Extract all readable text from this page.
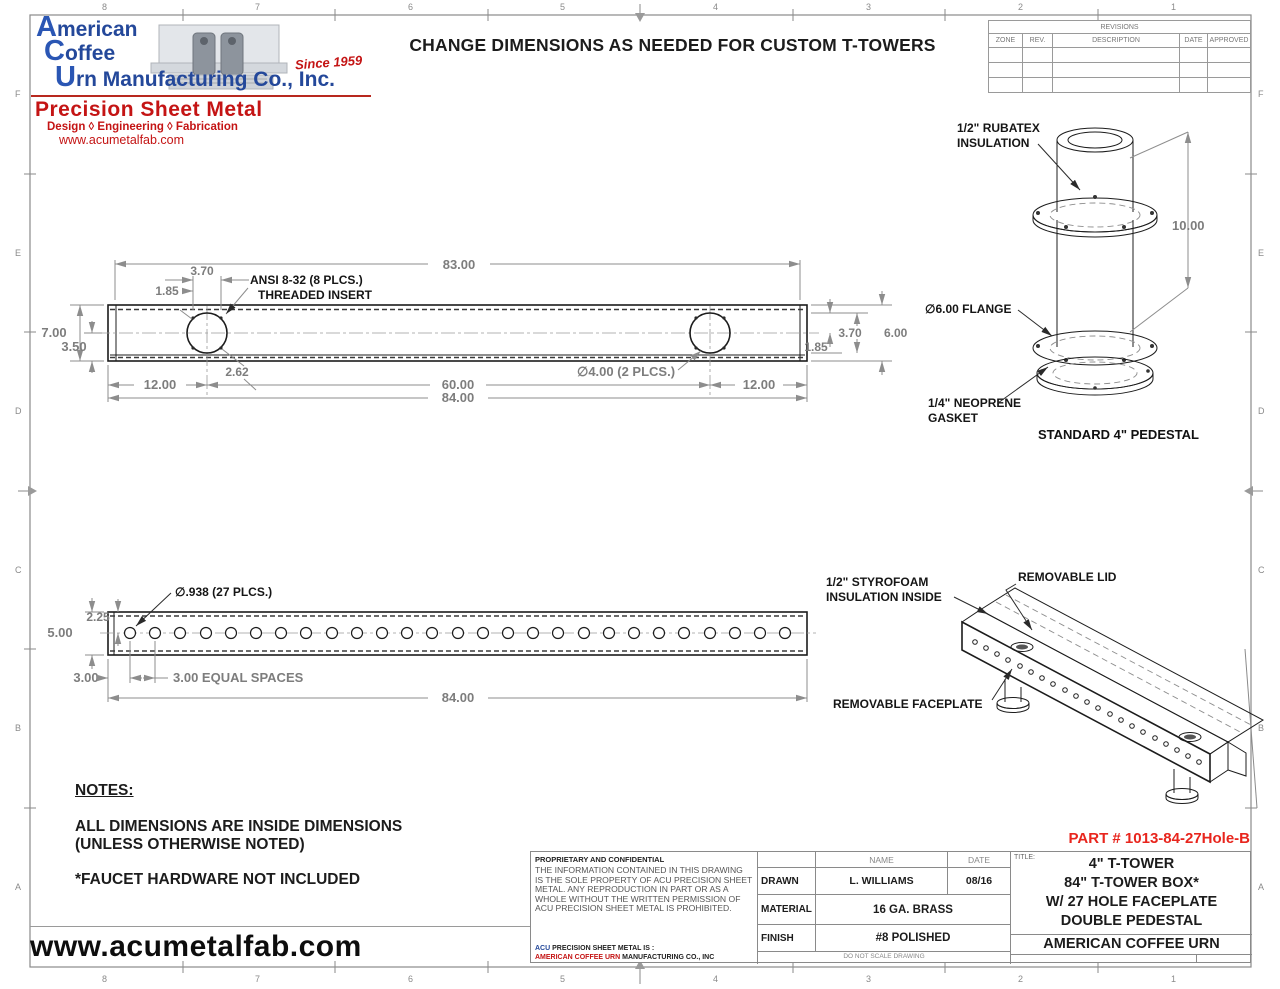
8	7	6	5	4	3	2	1
8	7	6	5	4	3	2	1
F
E
D
C
B
A
F
E
D
C
B
A
American
Coffee
Urn Manufacturing Co., Inc.
Since 1959
Precision Sheet Metal
Design ◊ Engineering ◊ Fabrication
www.acumetalfab.com
CHANGE DIMENSIONS AS NEEDED FOR CUSTOM T-TOWERS
REVISIONS
ZONE	REV.	DESCRIPTION	DATE APPROVED
83.00
3.70
1.85
ANSI 8-32 (8 PLCS.)
THREADED INSERT
7.00
3.50
12.00	60.00	12.00
84.00
2.62	∅4.00 (2 PLCS.)
1.85
3.70 6.00
10.00
1/2" RUBATEX
INSULATION
∅6.00 FLANGE
1/4" NEOPRENE
GASKET
STANDARD 4" PEDESTAL
∅.938 (27 PLCS.)
2.25
5.00
3.00	3.00 EQUAL SPACES
84.00
1/2" STYROFOAM
INSULATION INSIDE
REMOVABLE LID
REMOVABLE FACEPLATE
NOTES:
ALL DIMENSIONS ARE INSIDE DIMENSIONS
(UNLESS OTHERWISE NOTED)
*FAUCET HARDWARE NOT INCLUDED
PART # 1013-84-27Hole-B
PROPRIETARY AND CONFIDENTIAL
THE INFORMATION CONTAINED IN THIS DRAWING IS THE SOLE PROPERTY OF ACU PRECISION SHEET METAL. ANY REPRODUCTION IN PART OR AS A WHOLE WITHOUT THE WRITTEN PERMISSION OF ACU PRECISION SHEET METAL IS PROHIBITED.
ACU PRECISION SHEET METAL IS :
AMERICAN COFFEE URN MANUFACTURING CO., INC
NAME	DATE
DRAWN	L. WILLIAMS	08/16
MATERIAL	16 GA. BRASS
FINISH	#8 POLISHED
DO NOT SCALE DRAWING
TITLE:	4" T-TOWER
84" T-TOWER BOX*
W/ 27 HOLE FACEPLATE
DOUBLE PEDESTAL
AMERICAN COFFEE URN
www.acumetalfab.com
